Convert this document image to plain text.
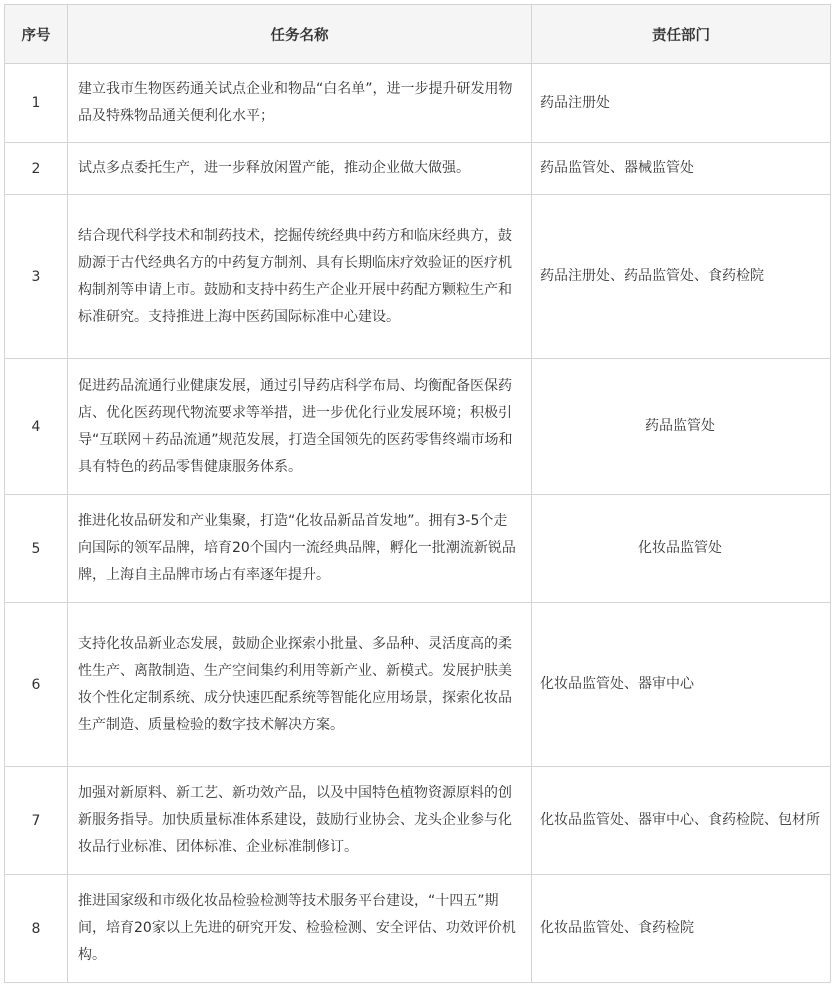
序号	任务名称	责任部门
1	建立我市生物医药通关试点企业和物品“白名单”，进一步提升研发用物品及特殊物品通关便利化水平；	药品注册处
2	试点多点委托生产，进一步释放闲置产能，推动企业做大做强。	药品监管处、器械监管处
3	结合现代科学技术和制药技术，挖掘传统经典中药方和临床经典方，鼓励源于古代经典名方的中药复方制剂、具有长期临床疗效验证的医疗机构制剂等申请上市。鼓励和支持中药生产企业开展中药配方颗粒生产和标准研究。支持推进上海中医药国际标准中心建设。	药品注册处、药品监管处、食药检院
4	促进药品流通行业健康发展，通过引导药店科学布局、均衡配备医保药店、优化医药现代物流要求等举措，进一步优化行业发展环境；积极引导“互联网＋药品流通”规范发展，打造全国领先的医药零售终端市场和具有特色的药品零售健康服务体系。	药品监管处
5	推进化妆品研发和产业集聚，打造“化妆品新品首发地”。拥有3-5个走向国际的领军品牌，培育20个国内一流经典品牌，孵化一批潮流新锐品牌，上海自主品牌市场占有率逐年提升。	化妆品监管处
6	支持化妆品新业态发展，鼓励企业探索小批量、多品种、灵活度高的柔性生产、离散制造、生产空间集约利用等新产业、新模式。发展护肤美妆个性化定制系统、成分快速匹配系统等智能化应用场景，探索化妆品生产制造、质量检验的数字技术解决方案。	化妆品监管处、器审中心
7	加强对新原料、新工艺、新功效产品，以及中国特色植物资源原料的创新服务指导。加快质量标准体系建设，鼓励行业协会、龙头企业参与化妆品行业标准、团体标准、企业标准制修订。	化妆品监管处、器审中心、食药检院、包材所
8	推进国家级和市级化妆品检验检测等技术服务平台建设，“十四五”期间，培育20家以上先进的研究开发、检验检测、安全评估、功效评价机构。	化妆品监管处、食药检院
